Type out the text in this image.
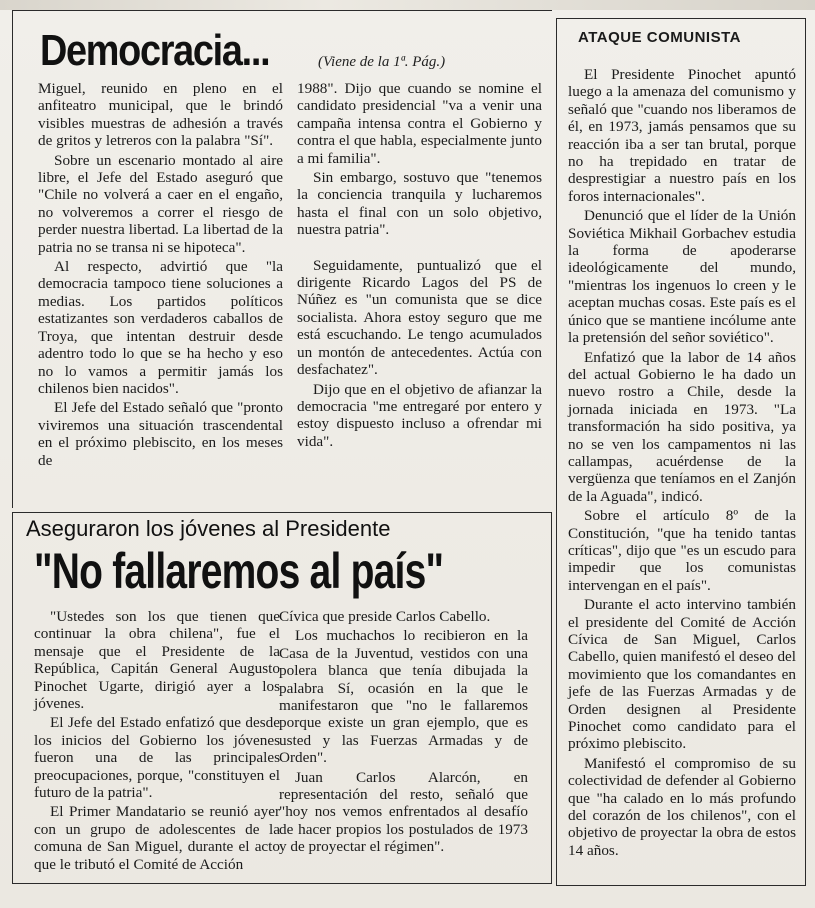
Democracia...	(Viene de la 1ª. Pág.)

Miguel, reunido en pleno en el anfiteatro municipal, que le brindó visibles muestras de adhesión a través de gritos y letreros con la palabra "Sí".

Sobre un escenario montado al aire libre, el Jefe del Estado aseguró que "Chile no volverá a caer en el engaño, no volveremos a correr el riesgo de perder nuestra libertad. La libertad de la patria no se transa ni se hipoteca".

Al respecto, advirtió que "la democracia tampoco tiene soluciones a medias. Los partidos políticos estatizantes son verdaderos caballos de Troya, que intentan destruir desde adentro todo lo que se ha hecho y eso no lo vamos a permitir jamás los chilenos bien nacidos".

El Jefe del Estado señaló que "pronto viviremos una situación trascendental en el próximo plebiscito, en los meses de

1988". Dijo que cuando se nomine el candidato presidencial "va a venir una campaña intensa contra el Gobierno y contra el que habla, especialmente junto a mi familia".

Sin embargo, sostuvo que "tenemos la conciencia tranquila y lucharemos hasta el final con un solo objetivo, nuestra patria".

Seguidamente, puntualizó que el dirigente Ricardo Lagos del PS de Núñez es "un comunista que se dice socialista. Ahora estoy seguro que me está escuchando. Le tengo acumulados un montón de antecedentes. Actúa con desfachatez".

Dijo que en el objetivo de afianzar la democracia "me entregaré por entero y estoy dispuesto incluso a ofrendar mi vida".

ATAQUE COMUNISTA

El Presidente Pinochet apuntó luego a la amenaza del comunismo y señaló que "cuando nos liberamos de él, en 1973, jamás pensamos que su reacción iba a ser tan brutal, porque no ha trepidado en tratar de desprestigiar a nuestro país en los foros internacionales".

Denunció que el líder de la Unión Soviética Mikhail Gorbachev estudia la forma de apoderarse ideológicamente del mundo, "mientras los ingenuos lo creen y le aceptan muchas cosas. Este país es el único que se mantiene incólume ante la pretensión del señor soviético".

Enfatizó que la labor de 14 años del actual Gobierno le ha dado un nuevo rostro a Chile, desde la jornada iniciada en 1973. "La transformación ha sido positiva, ya no se ven los campamentos ni las callampas, acuérdense de la vergüenza que teníamos en el Zanjón de la Aguada", indicó.

Sobre el artículo 8º de la Constitución, "que ha tenido tantas críticas", dijo que "es un escudo para impedir que los comunistas intervengan en el país".

Durante el acto intervino también el presidente del Comité de Acción Cívica de San Miguel, Carlos Cabello, quien manifestó el deseo del movimiento que los comandantes en jefe de las Fuerzas Armadas y de Orden designen al Presidente Pinochet como candidato para el próximo plebiscito.

Manifestó el compromiso de su colectividad de defender al Gobierno que "ha calado en lo más profundo del corazón de los chilenos", con el objetivo de proyectar la obra de estos 14 años.

Aseguraron los jóvenes al Presidente
"No fallaremos al país"

"Ustedes son los que tienen que continuar la obra chilena", fue el mensaje que el Presidente de la República, Capitán General Augusto Pinochet Ugarte, dirigió ayer a los jóvenes.

El Jefe del Estado enfatizó que desde los inicios del Gobierno los jóvenes fueron una de las principales preocupaciones, porque, "constituyen el futuro de la patria".

El Primer Mandatario se reunió ayer con un grupo de adolescentes de la comuna de San Miguel, durante el acto que le tributó el Comité de Acción

Cívica que preside Carlos Cabello.

Los muchachos lo recibieron en la Casa de la Juventud, vestidos con una polera blanca que tenía dibujada la palabra Sí, ocasión en la que le manifestaron que "no le fallaremos porque existe un gran ejemplo, que es usted y las Fuerzas Armadas y de Orden".

Juan Carlos Alarcón, en representación del resto, señaló que "hoy nos vemos enfrentados al desafío de hacer propios los postulados de 1973 y de proyectar el régimen".
